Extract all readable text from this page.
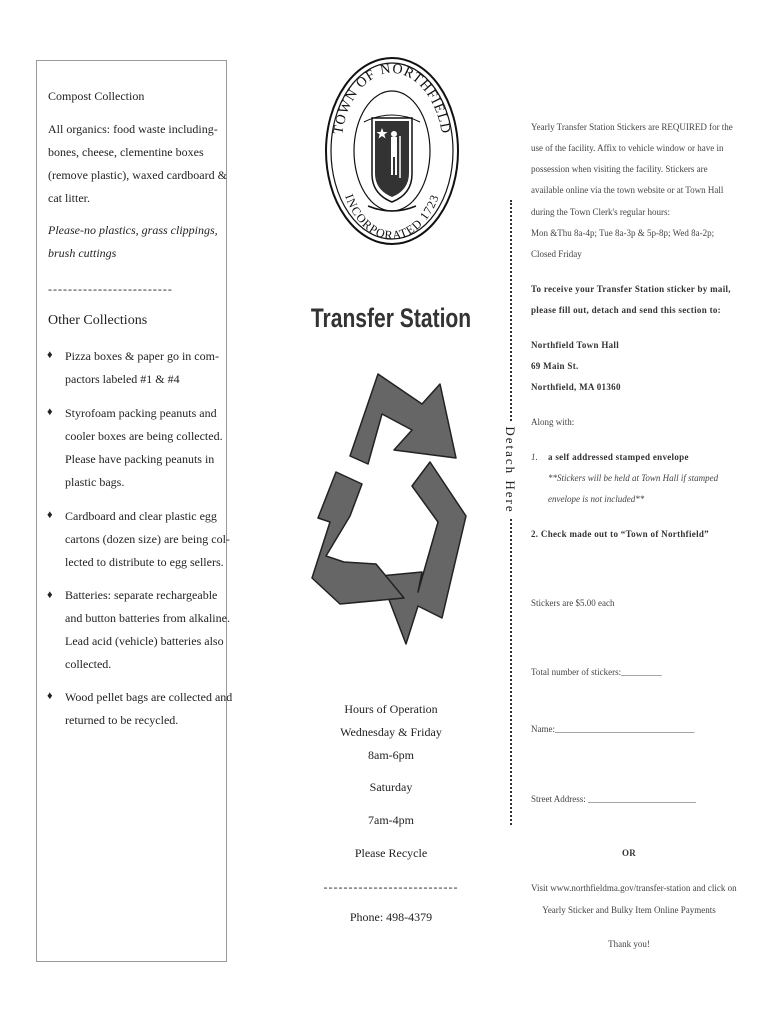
Compost Collection
All organics: food waste including-
bones, cheese, clementine boxes
(remove plastic), waxed cardboard &
cat litter.
Please-no plastics, grass clippings,
brush cuttings
-------------------------
Other Collections
♦ Pizza boxes & paper go in com-
pactors labeled #1 & #4
♦ Styrofoam packing peanuts and
cooler boxes are being collected.
Please have packing peanuts in
plastic bags.
♦ Cardboard and clear plastic egg
cartons (dozen size) are being col-
lected to distribute to egg sellers.
♦ Batteries: separate rechargeable
and button batteries from alkaline.
Lead acid (vehicle) batteries also
collected.
♦ Wood pellet bags are collected and
returned to be recycled.
TOWN OF NORTHFIELD
INCORPORATED 1723
Transfer Station
Hours of Operation
Wednesday & Friday
8am-6pm
Saturday
7am-4pm
Please Recycle
---------------------------
Phone: 498-4379
Detach Here
Yearly Transfer Station Stickers are REQUIRED for the
use of the facility. Affix to vehicle window or have in
possession when visiting the facility. Stickers are
available online via the town website or at Town Hall
during the Town Clerk's regular hours:
Mon &Thu 8a-4p; Tue 8a-3p & 5p-8p; Wed 8a-2p;
Closed Friday
To receive your Transfer Station sticker by mail,
please fill out, detach and send this section to:
Northfield Town Hall
69 Main St.
Northfield, MA 01360
Along with:
1. a self addressed stamped envelope
**Stickers will be held at Town Hall if stamped
envelope is not included**
2. Check made out to “Town of Northfield”
Stickers are $5.00 each
Total number of stickers:_________
Name:_______________________________
Street Address: ________________________
OR
Visit www.northfieldma.gov/transfer-station and click on
Yearly Sticker and Bulky Item Online Payments
Thank you!
